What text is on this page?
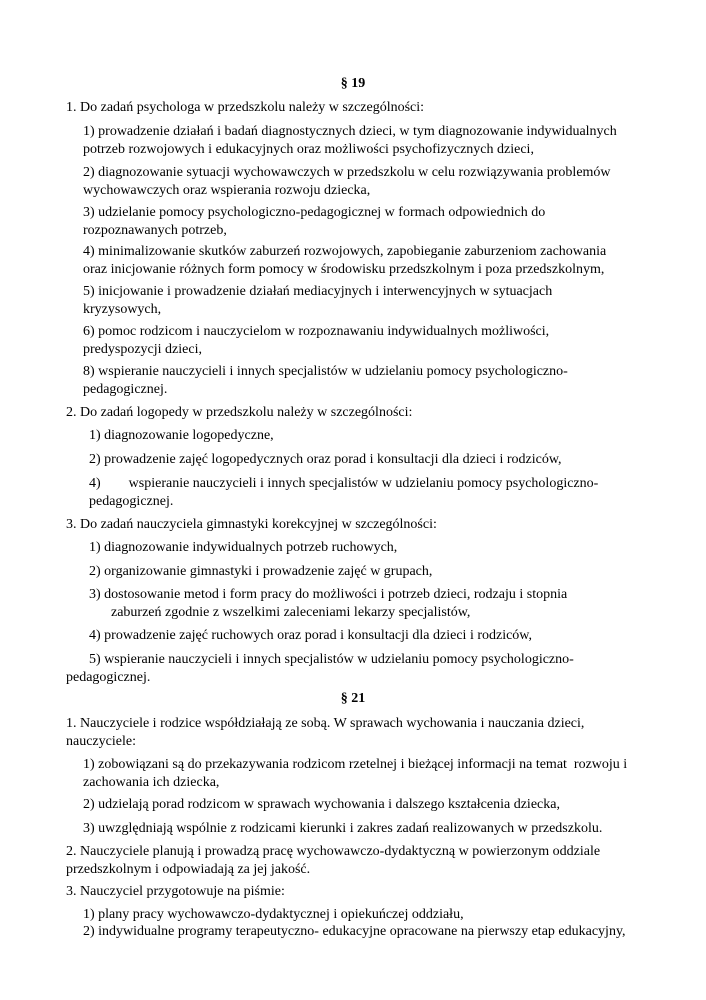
§ 19

1. Do zadań psychologa w przedszkolu należy w szczególności:

1) prowadzenie działań i badań diagnostycznych dzieci, w tym diagnozowanie indywidualnych

potrzeb rozwojowych i edukacyjnych oraz możliwości psychofizycznych dzieci,

2) diagnozowanie sytuacji wychowawczych w przedszkolu w celu rozwiązywania problemów

wychowawczych oraz wspierania rozwoju dziecka,

3) udzielanie pomocy psychologiczno-pedagogicznej w formach odpowiednich do

rozpoznawanych potrzeb,

4) minimalizowanie skutków zaburzeń rozwojowych, zapobieganie zaburzeniom zachowania

oraz inicjowanie różnych form pomocy w środowisku przedszkolnym i poza przedszkolnym,

5) inicjowanie i prowadzenie działań mediacyjnych i interwencyjnych w sytuacjach

kryzysowych,

6) pomoc rodzicom i nauczycielom w rozpoznawaniu indywidualnych możliwości,

predyspozycji dzieci,

8) wspieranie nauczycieli i innych specjalistów w udzielaniu pomocy psychologiczno-

pedagogicznej.

2. Do zadań logopedy w przedszkolu należy w szczególności:

1) diagnozowanie logopedyczne,

2) prowadzenie zajęć logopedycznych oraz porad i konsultacji dla dzieci i rodziców,

4)        wspieranie nauczycieli i innych specjalistów w udzielaniu pomocy psychologiczno-

pedagogicznej.

3. Do zadań nauczyciela gimnastyki korekcyjnej w szczególności:

1) diagnozowanie indywidualnych potrzeb ruchowych,

2) organizowanie gimnastyki i prowadzenie zajęć w grupach,

3) dostosowanie metod i form pracy do możliwości i potrzeb dzieci, rodzaju i stopnia

zaburzeń zgodnie z wszelkimi zaleceniami lekarzy specjalistów,

4) prowadzenie zajęć ruchowych oraz porad i konsultacji dla dzieci i rodziców,

5) wspieranie nauczycieli i innych specjalistów w udzielaniu pomocy psychologiczno-

pedagogicznej.

§ 21

1. Nauczyciele i rodzice współdziałają ze sobą. W sprawach wychowania i nauczania dzieci,

nauczyciele:

1) zobowiązani są do przekazywania rodzicom rzetelnej i bieżącej informacji na temat  rozwoju i

zachowania ich dziecka,

2) udzielają porad rodzicom w sprawach wychowania i dalszego kształcenia dziecka,

3) uwzględniają wspólnie z rodzicami kierunki i zakres zadań realizowanych w przedszkolu.

2. Nauczyciele planują i prowadzą pracę wychowawczo-dydaktyczną w powierzonym oddziale

przedszkolnym i odpowiadają za jej jakość.

3. Nauczyciel przygotowuje na piśmie:

1) plany pracy wychowawczo-dydaktycznej i opiekuńczej oddziału,

2) indywidualne programy terapeutyczno- edukacyjne opracowane na pierwszy etap edukacyjny,
